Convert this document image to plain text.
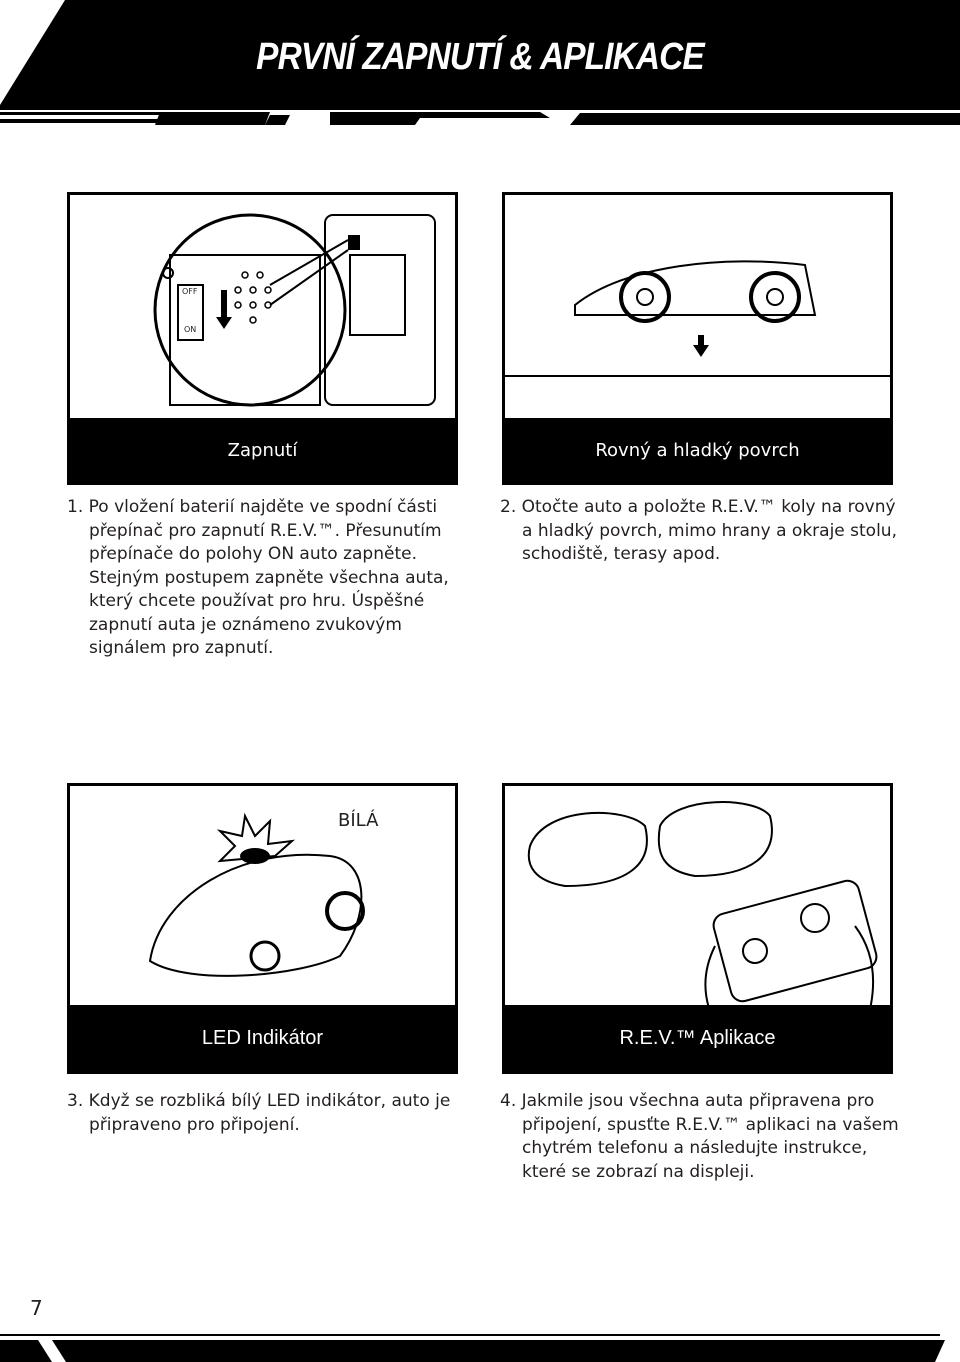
PRVNÍ ZAPNUTÍ & APLIKACE
OFF
ON
Zapnutí	Rovný a hladký povrch
1. Po vložení baterií najděte ve spodní části přepínač pro zapnutí R.E.V.™. Přesunutím přepínače do polohy ON auto zapněte. Stejným postupem zapněte všechna auta, který chcete používat pro hru. Úspěšné zapnutí auta je oznámeno zvukovým signálem pro zapnutí.
2. Otočte auto a položte R.E.V.™ koly na rovný a hladký povrch, mimo hrany a okraje stolu, schodiště, terasy apod.
BÍLÁ
LED Indikátor	R.E.V.™ Aplikace
3. Když se rozbliká bílý LED indikátor, auto je připraveno pro připojení.
4. Jakmile jsou všechna auta připravena pro připojení, spusťte R.E.V.™ aplikaci na vašem chytrém telefonu a následujte instrukce, které se zobrazí na displeji.
7
